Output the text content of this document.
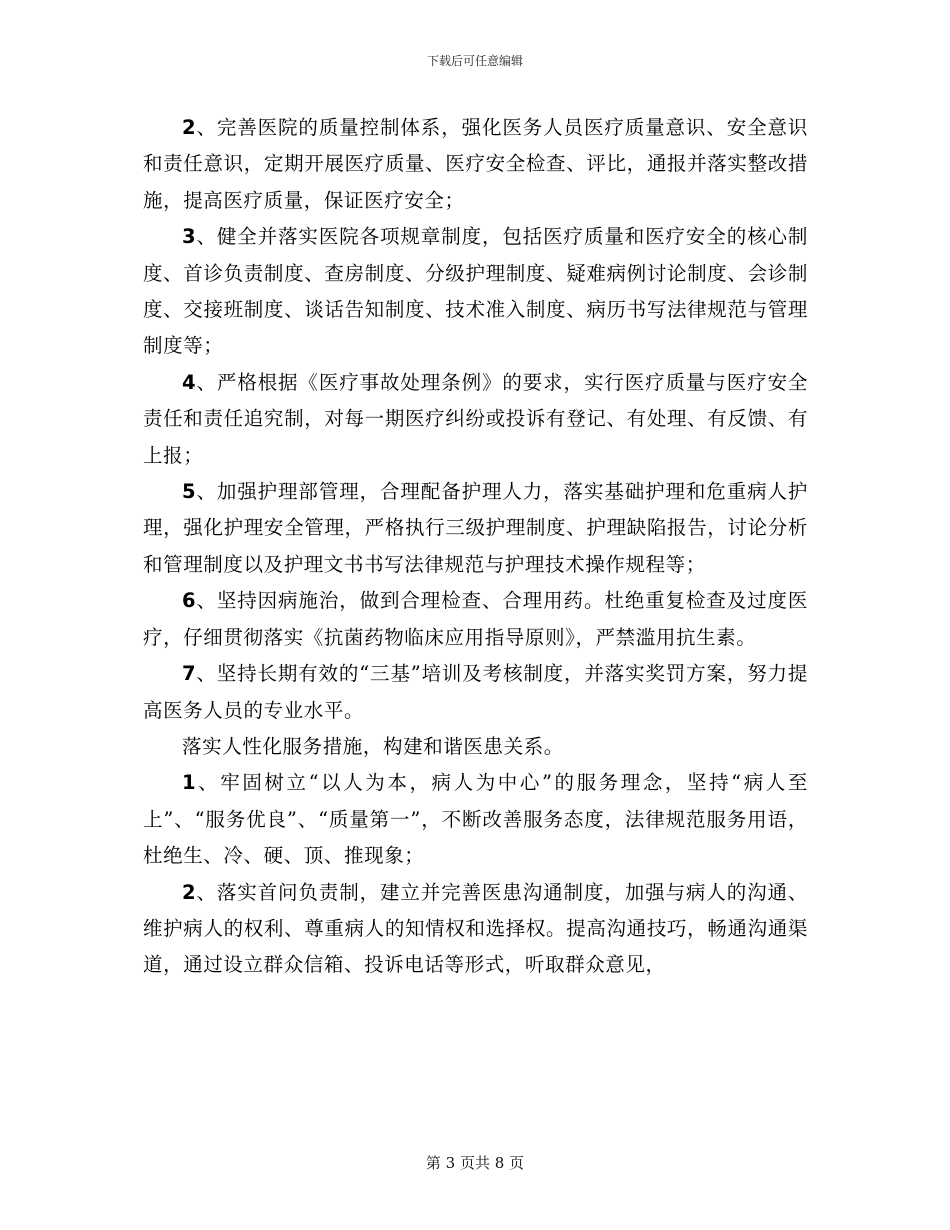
下载后可任意编辑

2、完善医院的质量控制体系，强化医务人员医疗质量意识、安全意识和责任意识，定期开展医疗质量、医疗安全检查、评比，通报并落实整改措施，提高医疗质量，保证医疗安全；

3、健全并落实医院各项规章制度，包括医疗质量和医疗安全的核心制度、首诊负责制度、查房制度、分级护理制度、疑难病例讨论制度、会诊制度、交接班制度、谈话告知制度、技术准入制度、病历书写法律规范与管理制度等；

4、严格根据《医疗事故处理条例》的要求，实行医疗质量与医疗安全责任和责任追究制，对每一期医疗纠纷或投诉有登记、有处理、有反馈、有上报；

5、加强护理部管理，合理配备护理人力，落实基础护理和危重病人护理，强化护理安全管理，严格执行三级护理制度、护理缺陷报告，讨论分析和管理制度以及护理文书书写法律规范与护理技术操作规程等；

6、坚持因病施治，做到合理检查、合理用药。杜绝重复检查及过度医疗，仔细贯彻落实《抗菌药物临床应用指导原则》，严禁滥用抗生素。

7、坚持长期有效的“三基”培训及考核制度，并落实奖罚方案，努力提高医务人员的专业水平。

落实人性化服务措施，构建和谐医患关系。

1、牢固树立“以人为本，病人为中心”的服务理念，坚持“病人至上”、“服务优良”、“质量第一”，不断改善服务态度，法律规范服务用语，杜绝生、冷、硬、顶、推现象；

2、落实首问负责制，建立并完善医患沟通制度，加强与病人的沟通、维护病人的权利、尊重病人的知情权和选择权。提高沟通技巧，畅通沟通渠道，通过设立群众信箱、投诉电话等形式，听取群众意见，

第 3 页共 8 页
